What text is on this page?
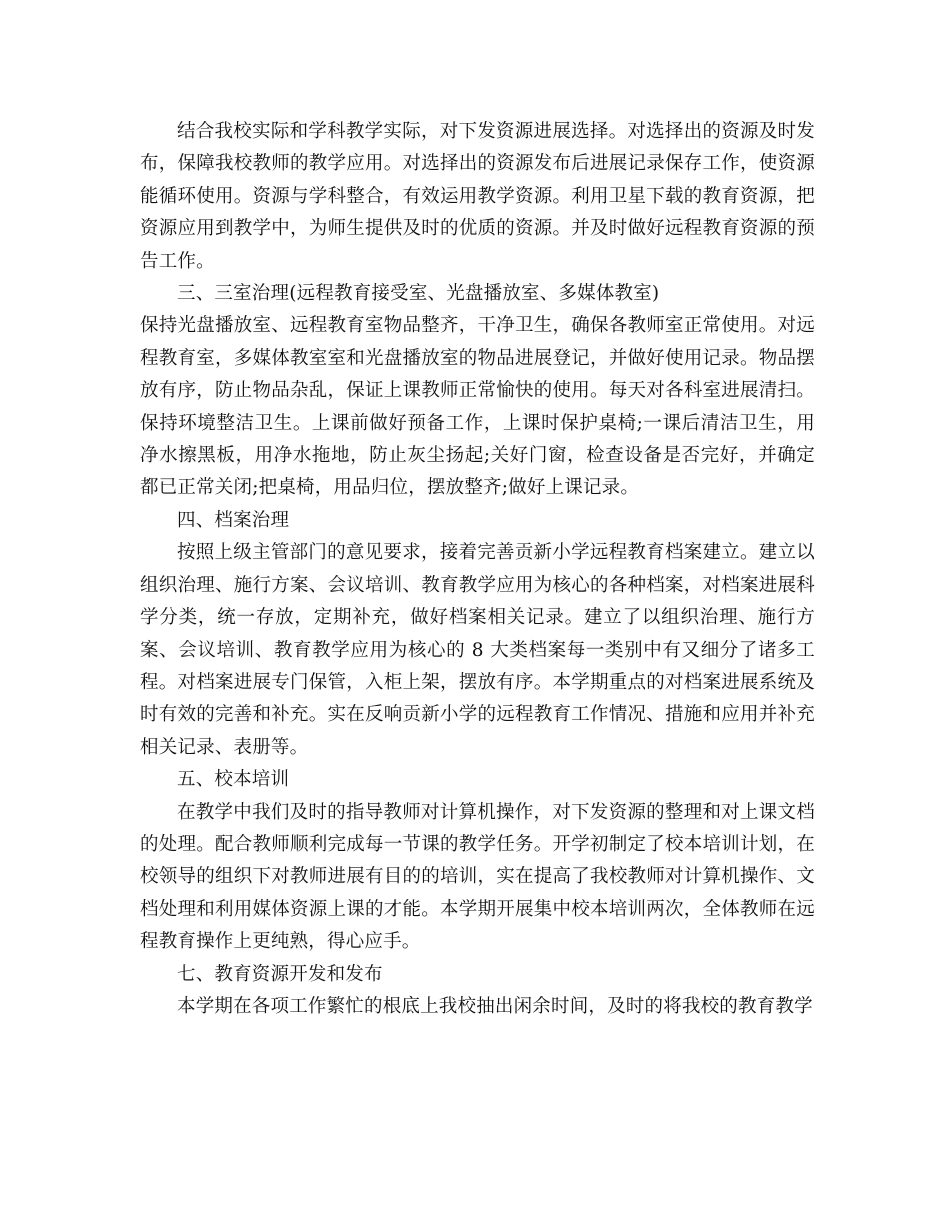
结合我校实际和学科教学实际，对下发资源进展选择。对选择出的资源及时发布，保障我校教师的教学应用。对选择出的资源发布后进展记录保存工作，使资源能循环使用。资源与学科整合，有效运用教学资源。利用卫星下载的教育资源，把资源应用到教学中，为师生提供及时的优质的资源。并及时做好远程教育资源的预告工作。

三、三室治理(远程教育接受室、光盘播放室、多媒体教室)

保持光盘播放室、远程教育室物品整齐，干净卫生，确保各教师室正常使用。对远程教育室，多媒体教室室和光盘播放室的物品进展登记，并做好使用记录。物品摆放有序，防止物品杂乱，保证上课教师正常愉快的使用。每天对各科室进展清扫。保持环境整洁卫生。上课前做好预备工作，上课时保护桌椅;一课后清洁卫生，用净水擦黑板，用净水拖地，防止灰尘扬起;关好门窗，检查设备是否完好，并确定都已正常关闭;把桌椅，用品归位，摆放整齐;做好上课记录。

四、档案治理

按照上级主管部门的意见要求，接着完善贡新小学远程教育档案建立。建立以组织治理、施行方案、会议培训、教育教学应用为核心的各种档案，对档案进展科学分类，统一存放，定期补充，做好档案相关记录。建立了以组织治理、施行方案、会议培训、教育教学应用为核心的 8 大类档案每一类别中有又细分了诸多工程。对档案进展专门保管，入柜上架，摆放有序。本学期重点的对档案进展系统及时有效的完善和补充。实在反响贡新小学的远程教育工作情况、措施和应用并补充相关记录、表册等。

五、校本培训

在教学中我们及时的指导教师对计算机操作，对下发资源的整理和对上课文档的处理。配合教师顺利完成每一节课的教学任务。开学初制定了校本培训计划，在校领导的组织下对教师进展有目的的培训，实在提高了我校教师对计算机操作、文档处理和利用媒体资源上课的才能。本学期开展集中校本培训两次，全体教师在远程教育操作上更纯熟，得心应手。

七、教育资源开发和发布

本学期在各项工作繁忙的根底上我校抽出闲余时间，及时的将我校的教育教学
